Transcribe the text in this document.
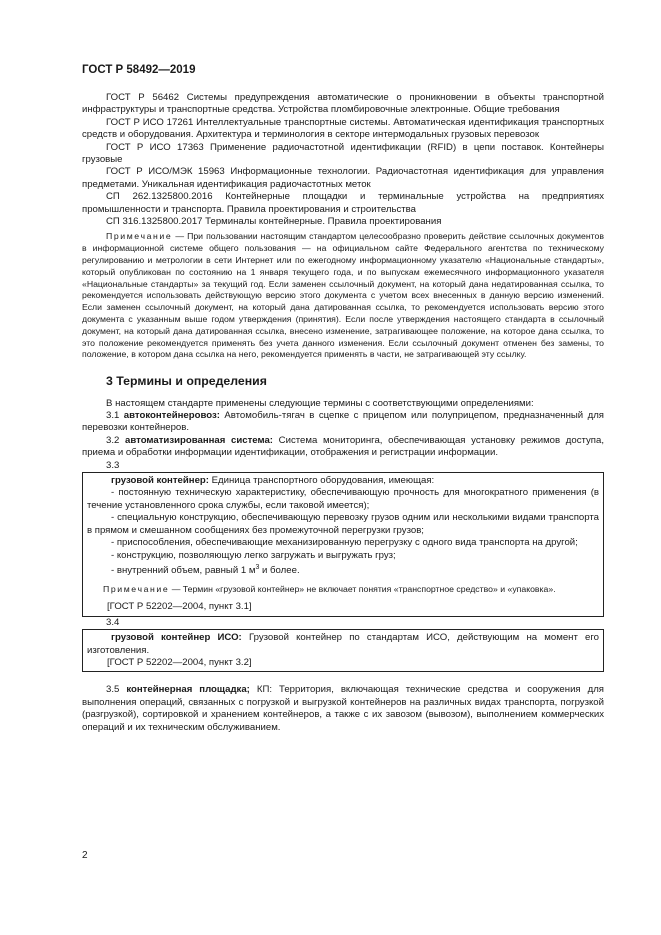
ГОСТ Р 58492—2019

ГОСТ Р 56462 Системы предупреждения автоматические о проникновении в объекты транспортной инфраструктуры и транспортные средства. Устройства пломбировочные электронные. Общие требования

ГОСТ Р ИСО 17261 Интеллектуальные транспортные системы. Автоматическая идентификация транспортных средств и оборудования. Архитектура и терминология в секторе интермодальных грузовых перевозок

ГОСТ Р ИСО 17363 Применение радиочастотной идентификации (RFID) в цепи поставок. Контейнеры грузовые

ГОСТ Р ИСО/МЭК 15963 Информационные технологии. Радиочастотная идентификация для управления предметами. Уникальная идентификация радиочастотных меток

СП 262.1325800.2016 Контейнерные площадки и терминальные устройства на предприятиях промышленности и транспорта. Правила проектирования и строительства

СП 316.1325800.2017 Терминалы контейнерные. Правила проектирования

Примечание — При пользовании настоящим стандартом целесообразно проверить действие ссылочных документов в информационной системе общего пользования — на официальном сайте Федерального агентства по техническому регулированию и метрологии в сети Интернет или по ежегодному информационному указателю «Национальные стандарты», который опубликован по состоянию на 1 января текущего года, и по выпускам ежемесячного информационного указателя «Национальные стандарты» за текущий год. Если заменен ссылочный документ, на который дана недатированная ссылка, то рекомендуется использовать действующую версию этого документа с учетом всех внесенных в данную версию изменений. Если заменен ссылочный документ, на который дана датированная ссылка, то рекомендуется использовать версию этого документа с указанным выше годом утверждения (принятия). Если после утверждения настоящего стандарта в ссылочный документ, на который дана датированная ссылка, внесено изменение, затрагивающее положение, на которое дана ссылка, то это положение рекомендуется применять без учета данного изменения. Если ссылочный документ отменен без замены, то положение, в котором дана ссылка на него, рекомендуется применять в части, не затрагивающей эту ссылку.

3 Термины и определения

В настоящем стандарте применены следующие термины с соответствующими определениями:

3.1 автоконтейнеровоз: Автомобиль-тягач в сцепке с прицепом или полуприцепом, предназначенный для перевозки контейнеров.

3.2 автоматизированная система: Система мониторинга, обеспечивающая установку режимов доступа, приема и обработки информации идентификации, отображения и регистрации информации.

3.3

грузовой контейнер: Единица транспортного оборудования, имеющая:

- постоянную техническую характеристику, обеспечивающую прочность для многократного применения (в течение установленного срока службы, если таковой имеется);

- специальную конструкцию, обеспечивающую перевозку грузов одним или несколькими видами транспорта в прямом и смешанном сообщениях без промежуточной перегрузки грузов;

- приспособления, обеспечивающие механизированную перегрузку с одного вида транспорта на другой;

- конструкцию, позволяющую легко загружать и выгружать груз;

- внутренний объем, равный 1 $м^3$ и более.

Примечание — Термин «грузовой контейнер» не включает понятия «транспортное средство» и «упаковка».

[ГОСТ Р 52202—2004, пункт 3.1]

3.4

грузовой контейнер ИСО: Грузовой контейнер по стандартам ИСО, действующим на момент его изготовления.

[ГОСТ Р 52202—2004, пункт 3.2]

3.5 контейнерная площадка; КП: Территория, включающая технические средства и сооружения для выполнения операций, связанных с погрузкой и выгрузкой контейнеров на различных видах транспорта, погрузкой (разгрузкой), сортировкой и хранением контейнеров, а также с их завозом (вывозом), выполнением коммерческих операций и их техническим обслуживанием.

2
